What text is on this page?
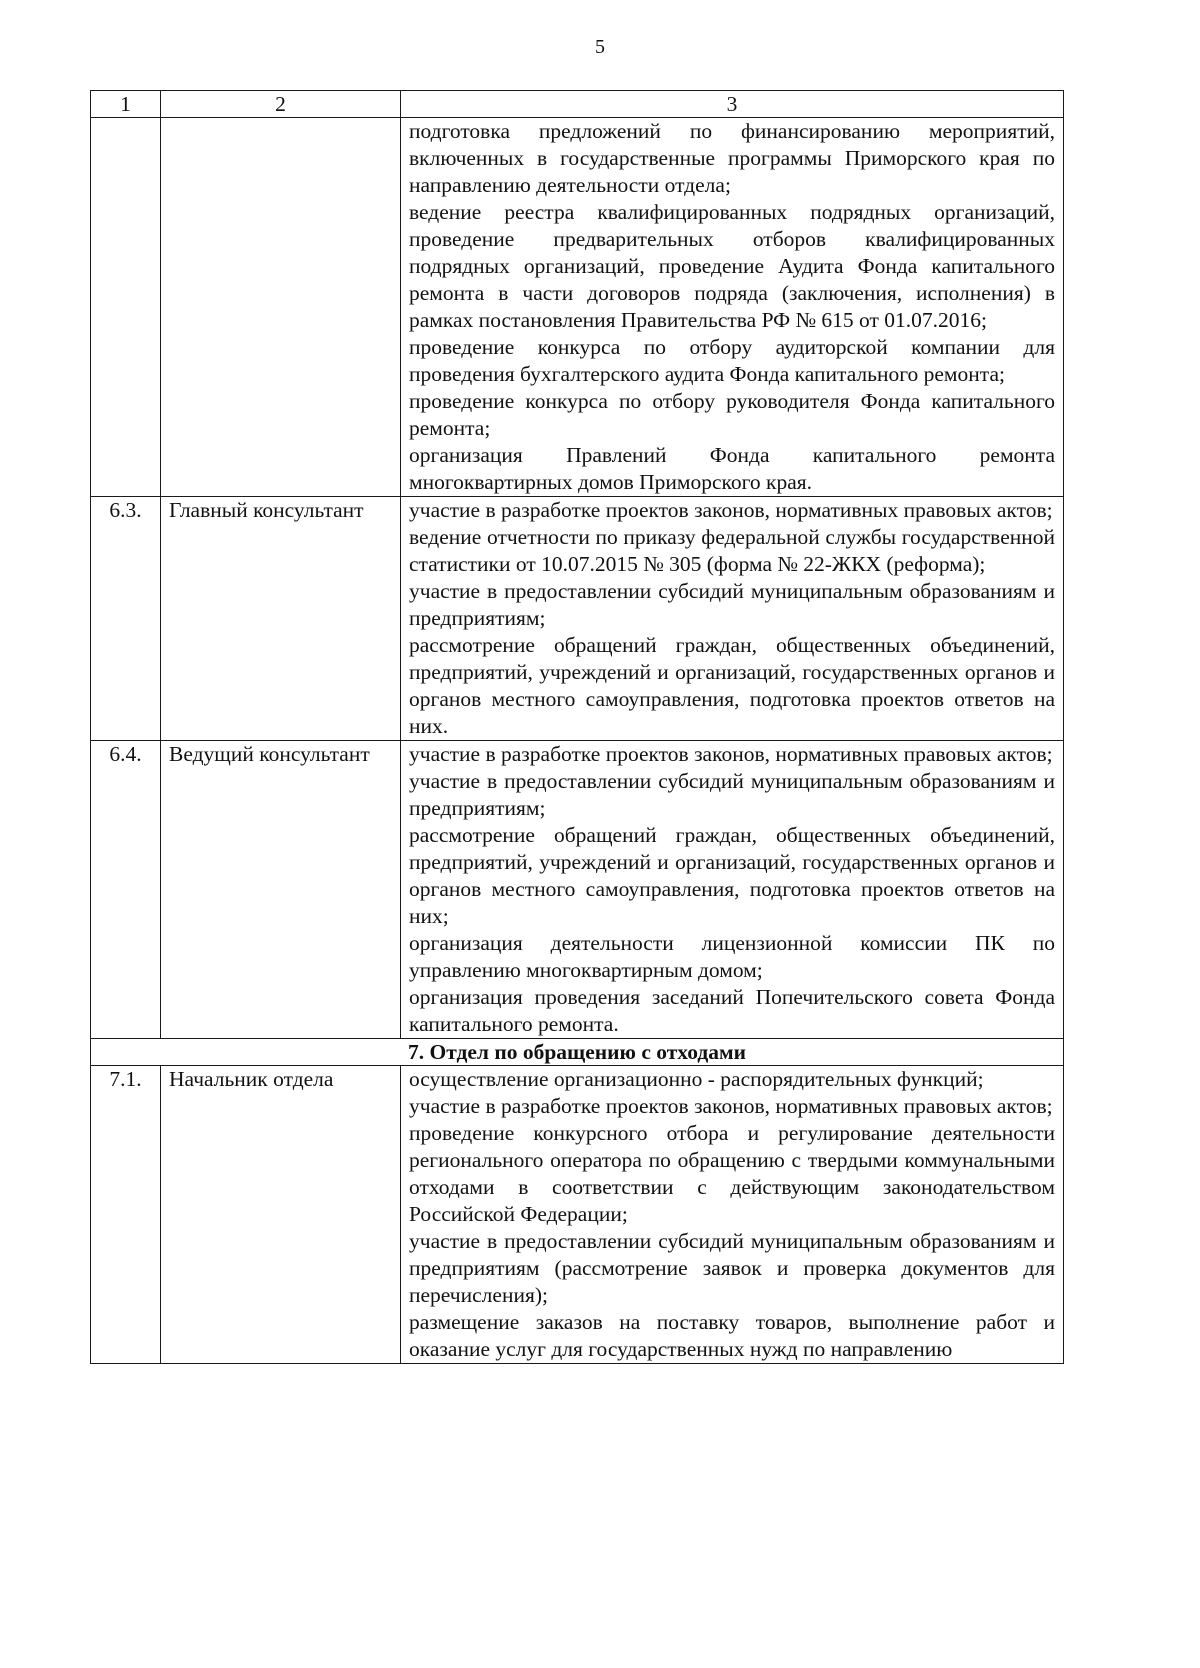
5
1	2	3

		подготовка предложений по финансированию мероприятий, включенных в государственные программы Приморского края по направлению деятельности отдела;
ведение реестра квалифицированных подрядных организаций, проведение предварительных отборов квалифицированных подрядных организаций, проведение Аудита Фонда капитального ремонта в части договоров подряда (заключения, исполнения) в рамках постановления Правительства РФ № 615 от 01.07.2016;
проведение конкурса по отбору аудиторской компании для проведения бухгалтерского аудита Фонда капитального ремонта;
проведение конкурса по отбору руководителя Фонда капитального ремонта;
организация Правлений Фонда капитального ремонта многоквартирных домов Приморского края.

6.3.	Главный консультант	участие в разработке проектов законов, нормативных правовых актов;
ведение отчетности по приказу федеральной службы государственной статистики от 10.07.2015 № 305 (форма № 22-ЖКХ (реформа);
участие в предоставлении субсидий муниципальным образованиям и предприятиям;
рассмотрение обращений граждан, общественных объединений, предприятий, учреждений и организаций, государственных органов и органов местного самоуправления, подготовка проектов ответов на них.

6.4.	Ведущий консультант	участие в разработке проектов законов, нормативных правовых актов;
участие в предоставлении субсидий муниципальным образованиям и предприятиям;
рассмотрение обращений граждан, общественных объединений, предприятий, учреждений и организаций, государственных органов и органов местного самоуправления, подготовка проектов ответов на них;
организация деятельности лицензионной комиссии ПК по управлению многоквартирным домом;
организация проведения заседаний Попечительского совета Фонда капитального ремонта.

7. Отдел по обращению с отходами		
7.1.	Начальник отдела	осуществление организационно - распорядительных функций;
участие в разработке проектов законов, нормативных правовых актов;
проведение конкурсного отбора и регулирование деятельности регионального оператора по обращению с твердыми коммунальными отходами в соответствии с действующим законодательством Российской Федерации;
участие в предоставлении субсидий муниципальным образованиям и предприятиям (рассмотрение заявок и проверка документов для перечисления);
размещение заказов на поставку товаров, выполнение работ и оказание услуг для государственных нужд по направлению
